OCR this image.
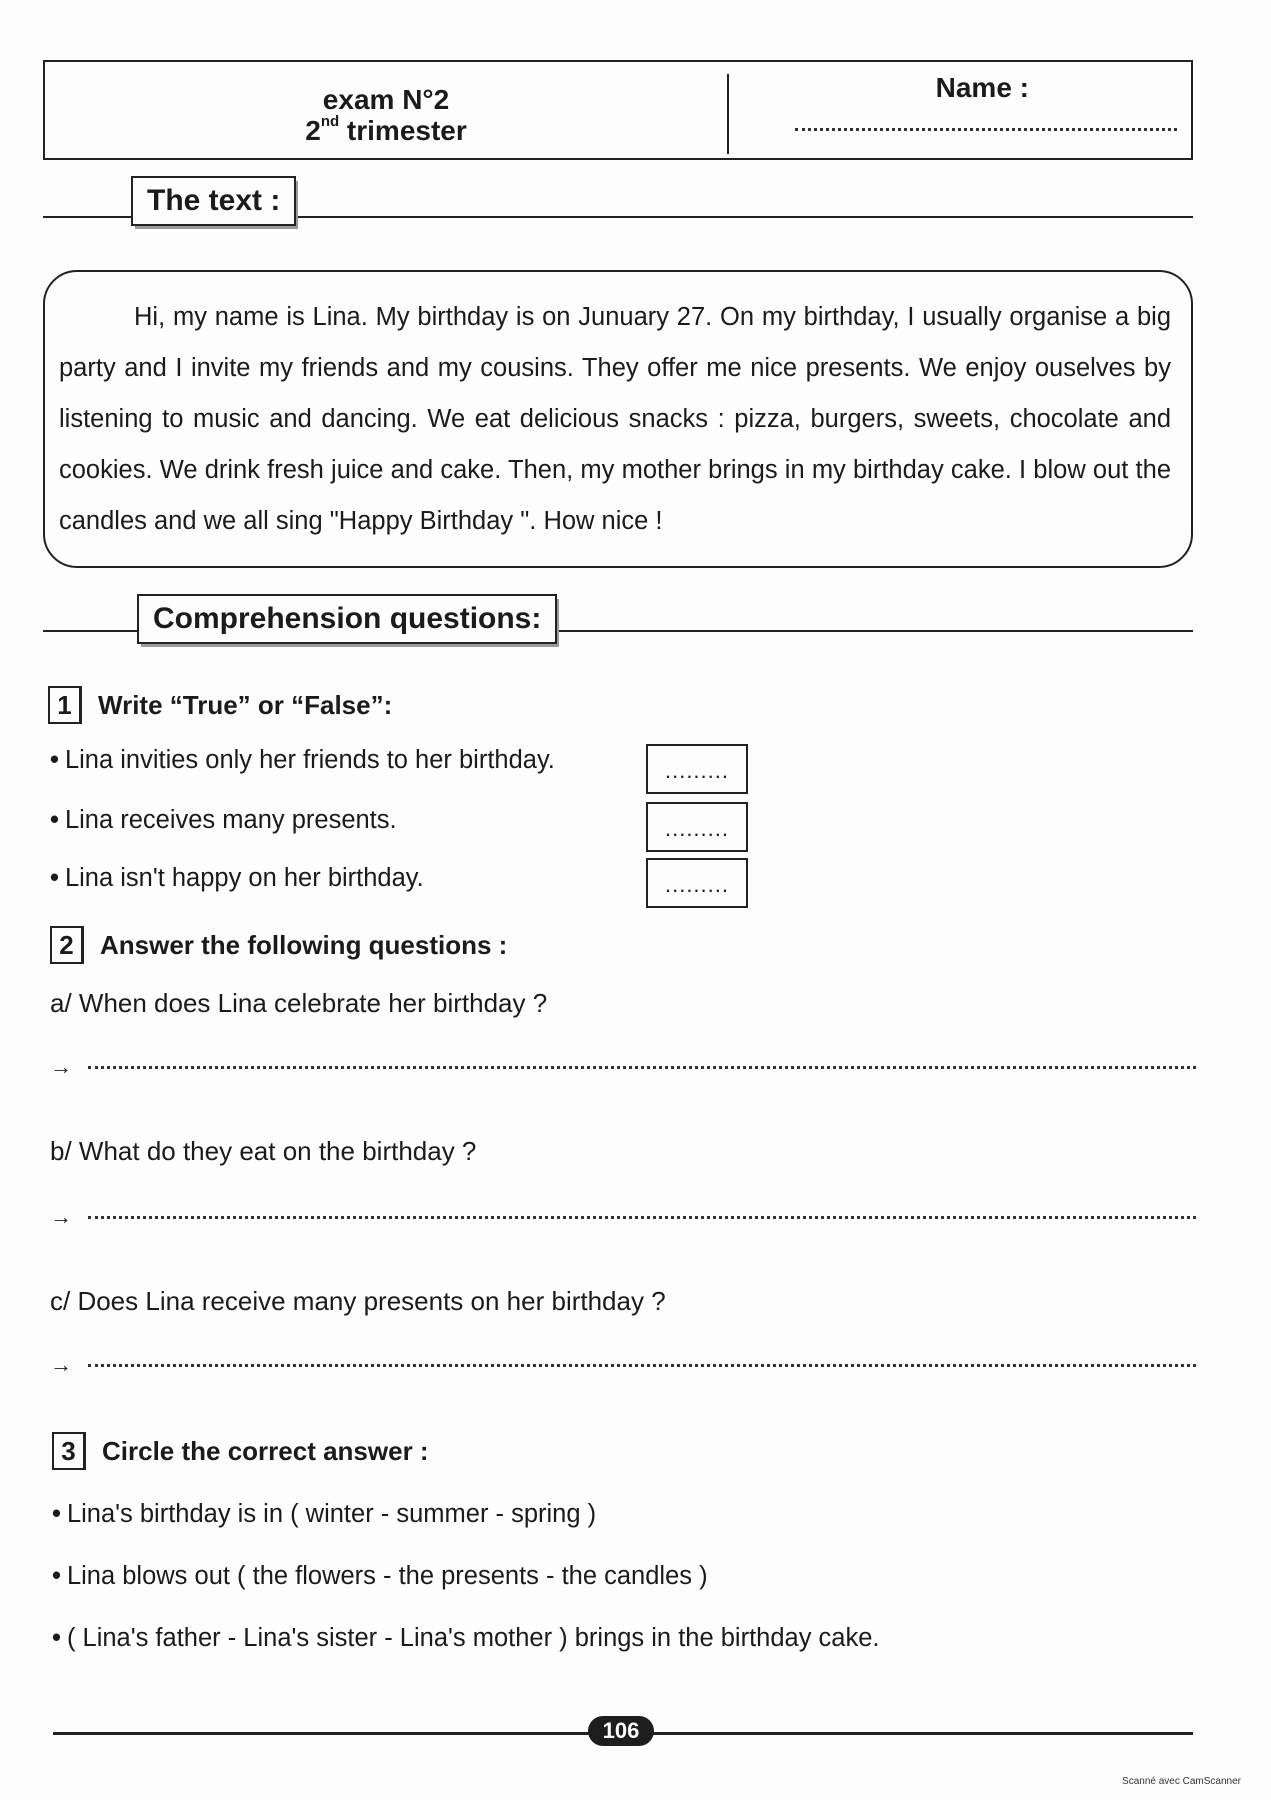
exam N°2
2nd trimester
Name :
The text :

Hi, my name is Lina. My birthday is on Junuary 27. On my birthday, I usually organise a big party and I invite my friends and my cousins. They offer me nice presents. We enjoy ouselves by listening to music and dancing. We eat delicious snacks : pizza, burgers, sweets, chocolate and cookies. We drink fresh juice and cake. Then, my mother brings in my birthday cake. I blow out the candles and we all sing "Happy Birthday ". How nice !

Comprehension questions:
1	Write “True” or “False”:
• Lina invities only her friends to her birthday.	.........
• Lina receives many presents.	.........
• Lina isn't happy on her birthday.	.........
2	Answer the following questions :
a/ When does Lina celebrate her birthday ?
→
b/ What do they eat on the birthday ?
→
c/ Does Lina receive many presents on her birthday ?
→
3	Circle the correct answer :
• Lina's birthday is in ( winter - summer - spring )
• Lina blows out ( the flowers - the presents - the candles )
• ( Lina's father - Lina's sister - Lina's mother ) brings in the birthday cake.
106
Scanné avec CamScanner
